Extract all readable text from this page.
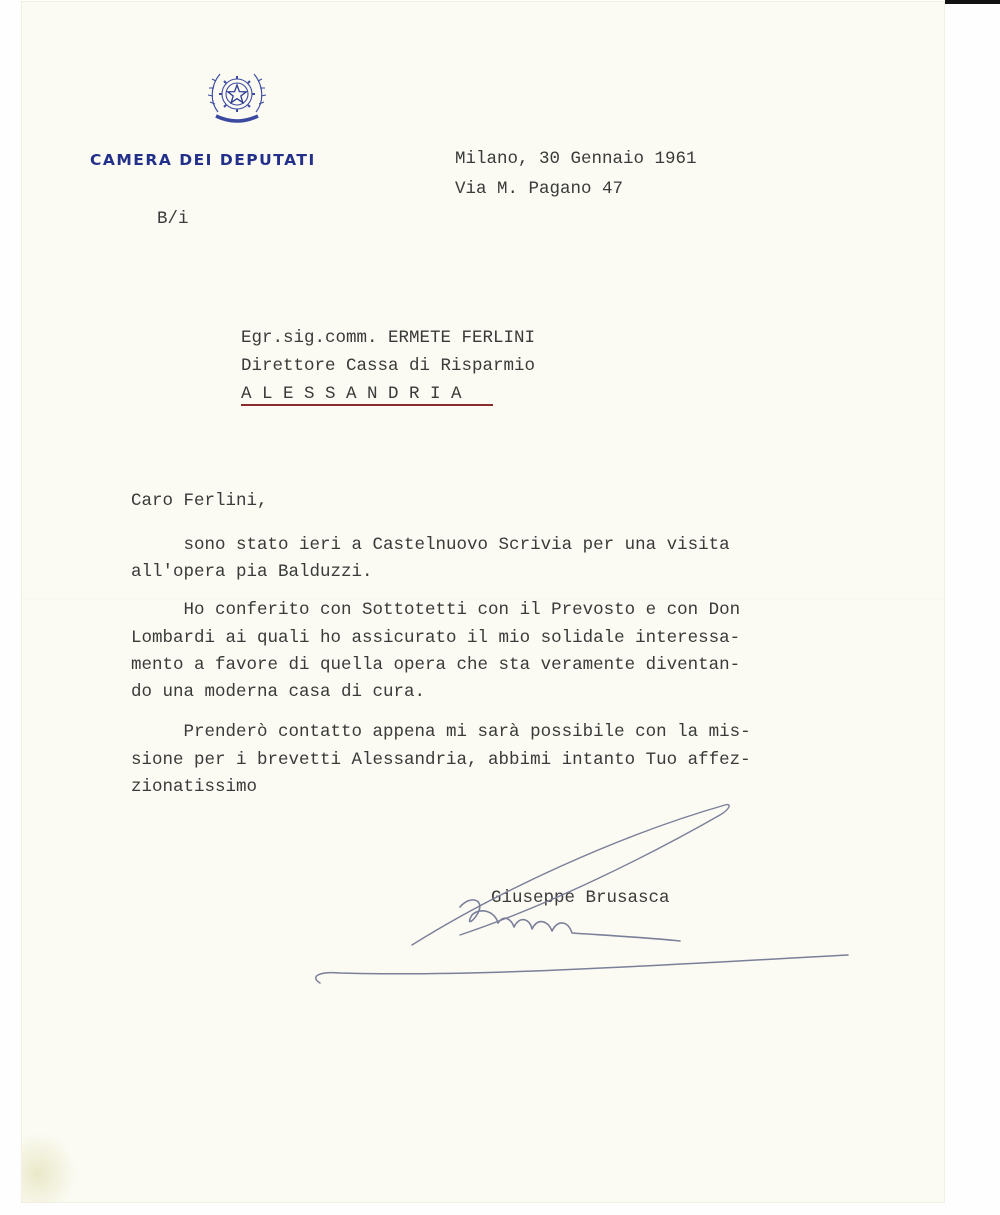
CAMERA DEI DEPUTATI	Milano, 30 Gennaio 1961
Via M. Pagano 47
B/i
Egr.sig.comm. ERMETE FERLINI
Direttore Cassa di Risparmio
A L E S S A N D R I A
Caro Ferlini,
sono stato ieri a Castelnuovo Scrivia per una visita
all'opera pia Balduzzi.
Ho conferito con Sottotetti con il Prevosto e con Don
Lombardi ai quali ho assicurato il mio solidale interessa-
mento a favore di quella opera che sta veramente diventan-
do una moderna casa di cura.
Prenderò contatto appena mi sarà possibile con la mis-
sione per i brevetti Alessandria, abbimi intanto Tuo affez-
zionatissimo
Giuseppe Brusasca
